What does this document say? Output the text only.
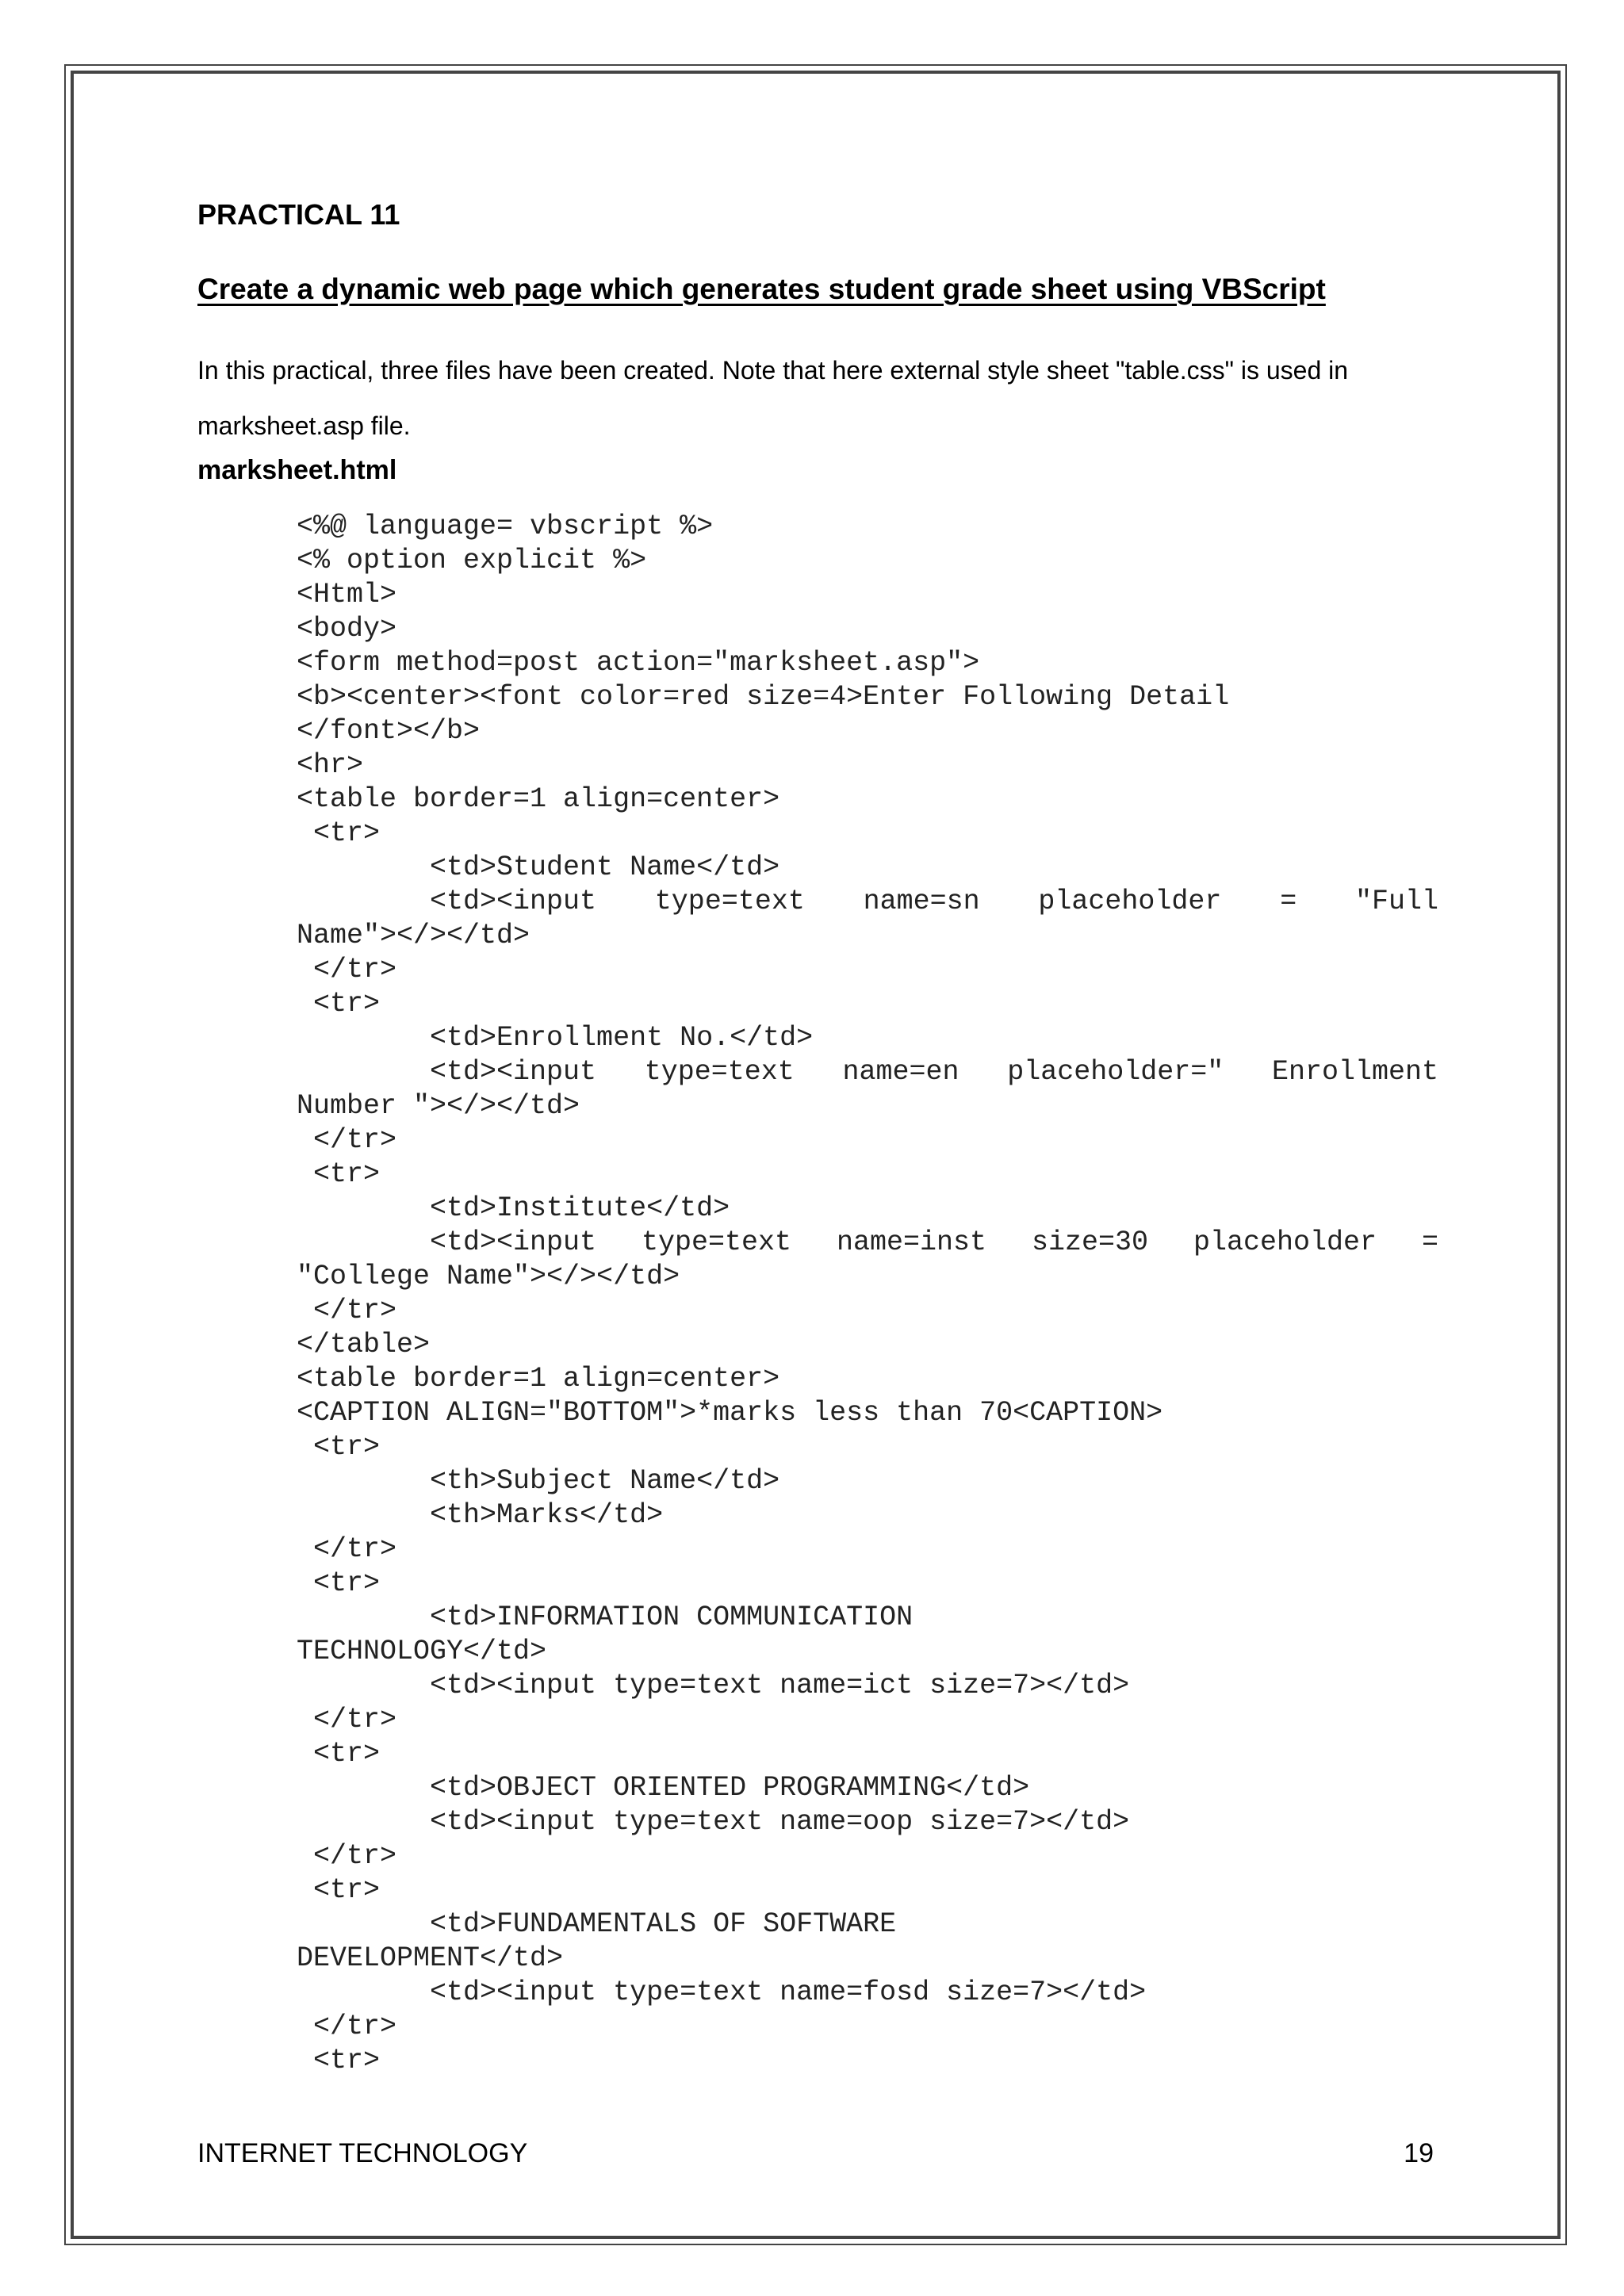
PRACTICAL 11
Create a dynamic web page which generates student grade sheet using VBScript

In this practical, three files have been created. Note that here external style sheet "table.css" is used in marksheet.asp file.

marksheet.html
<%@ language= vbscript %>
<% option explicit %>
<Html>
<body>
<form method=post action="marksheet.asp">
<b><center><font color=red size=4>Enter Following Detail
</font></b>
<hr>
<table border=1 align=center>
<tr>
<td>Student Name</td>
<td><input type=text name=sn placeholder = "Full
Name"></></td>
</tr>
<tr>
<td>Enrollment No.</td>
<td><input type=text name=en placeholder=" Enrollment
Number "></></td>
</tr>
<tr>
<td>Institute</td>
<td><input type=text name=inst size=30 placeholder =
"College Name"></></td>
</tr>
</table>
<table border=1 align=center>
<CAPTION ALIGN="BOTTOM">*marks less than 70<CAPTION>
<tr>
<th>Subject Name</td>
<th>Marks</td>
</tr>
<tr>
<td>INFORMATION COMMUNICATION
TECHNOLOGY</td>
<td><input type=text name=ict size=7></td>
</tr>
<tr>
<td>OBJECT ORIENTED PROGRAMMING</td>
<td><input type=text name=oop size=7></td>
</tr>
<tr>
<td>FUNDAMENTALS OF SOFTWARE
DEVELOPMENT</td>
<td><input type=text name=fosd size=7></td>
</tr>
<tr>
INTERNET TECHNOLOGY	19
